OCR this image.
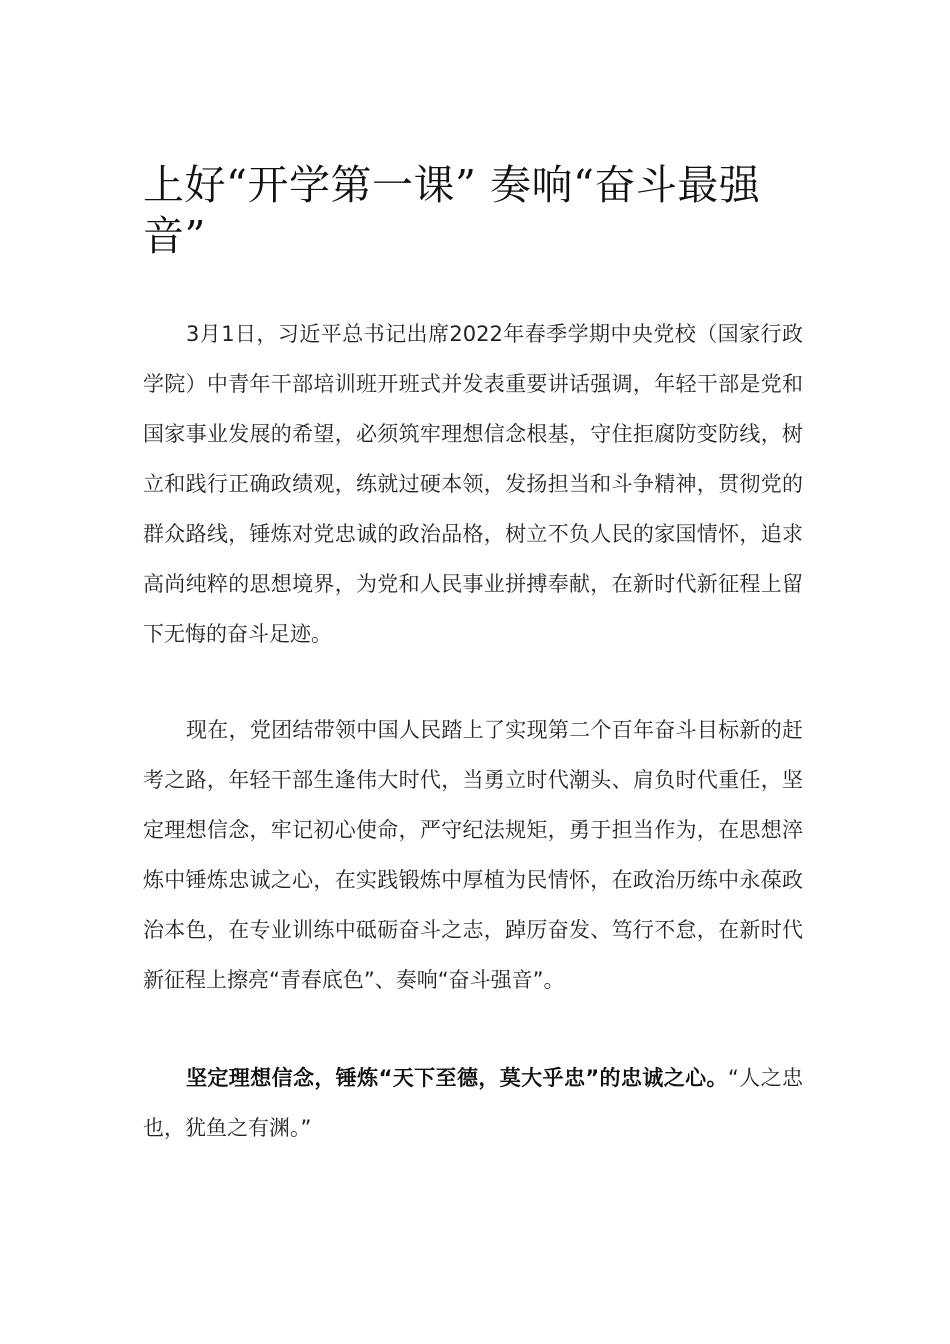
上好“开学第一课” 奏响“奋斗最强音”

3月1日，习近平总书记出席2022年春季学期中央党校（国家行政学院）中青年干部培训班开班式并发表重要讲话强调，年轻干部是党和国家事业发展的希望，必须筑牢理想信念根基，守住拒腐防变防线，树立和践行正确政绩观，练就过硬本领，发扬担当和斗争精神，贯彻党的群众路线，锤炼对党忠诚的政治品格，树立不负人民的家国情怀，追求高尚纯粹的思想境界，为党和人民事业拼搏奉献，在新时代新征程上留下无悔的奋斗足迹。

现在，党团结带领中国人民踏上了实现第二个百年奋斗目标新的赶考之路，年轻干部生逢伟大时代，当勇立时代潮头、肩负时代重任，坚定理想信念，牢记初心使命，严守纪法规矩，勇于担当作为，在思想淬炼中锤炼忠诚之心，在实践锻炼中厚植为民情怀，在政治历练中永葆政治本色，在专业训练中砥砺奋斗之志，踔厉奋发、笃行不怠，在新时代新征程上擦亮“青春底色”、奏响“奋斗强音”。

坚定理想信念，锤炼“天下至德，莫大乎忠”的忠诚之心。“人之忠也，犹鱼之有渊。”
